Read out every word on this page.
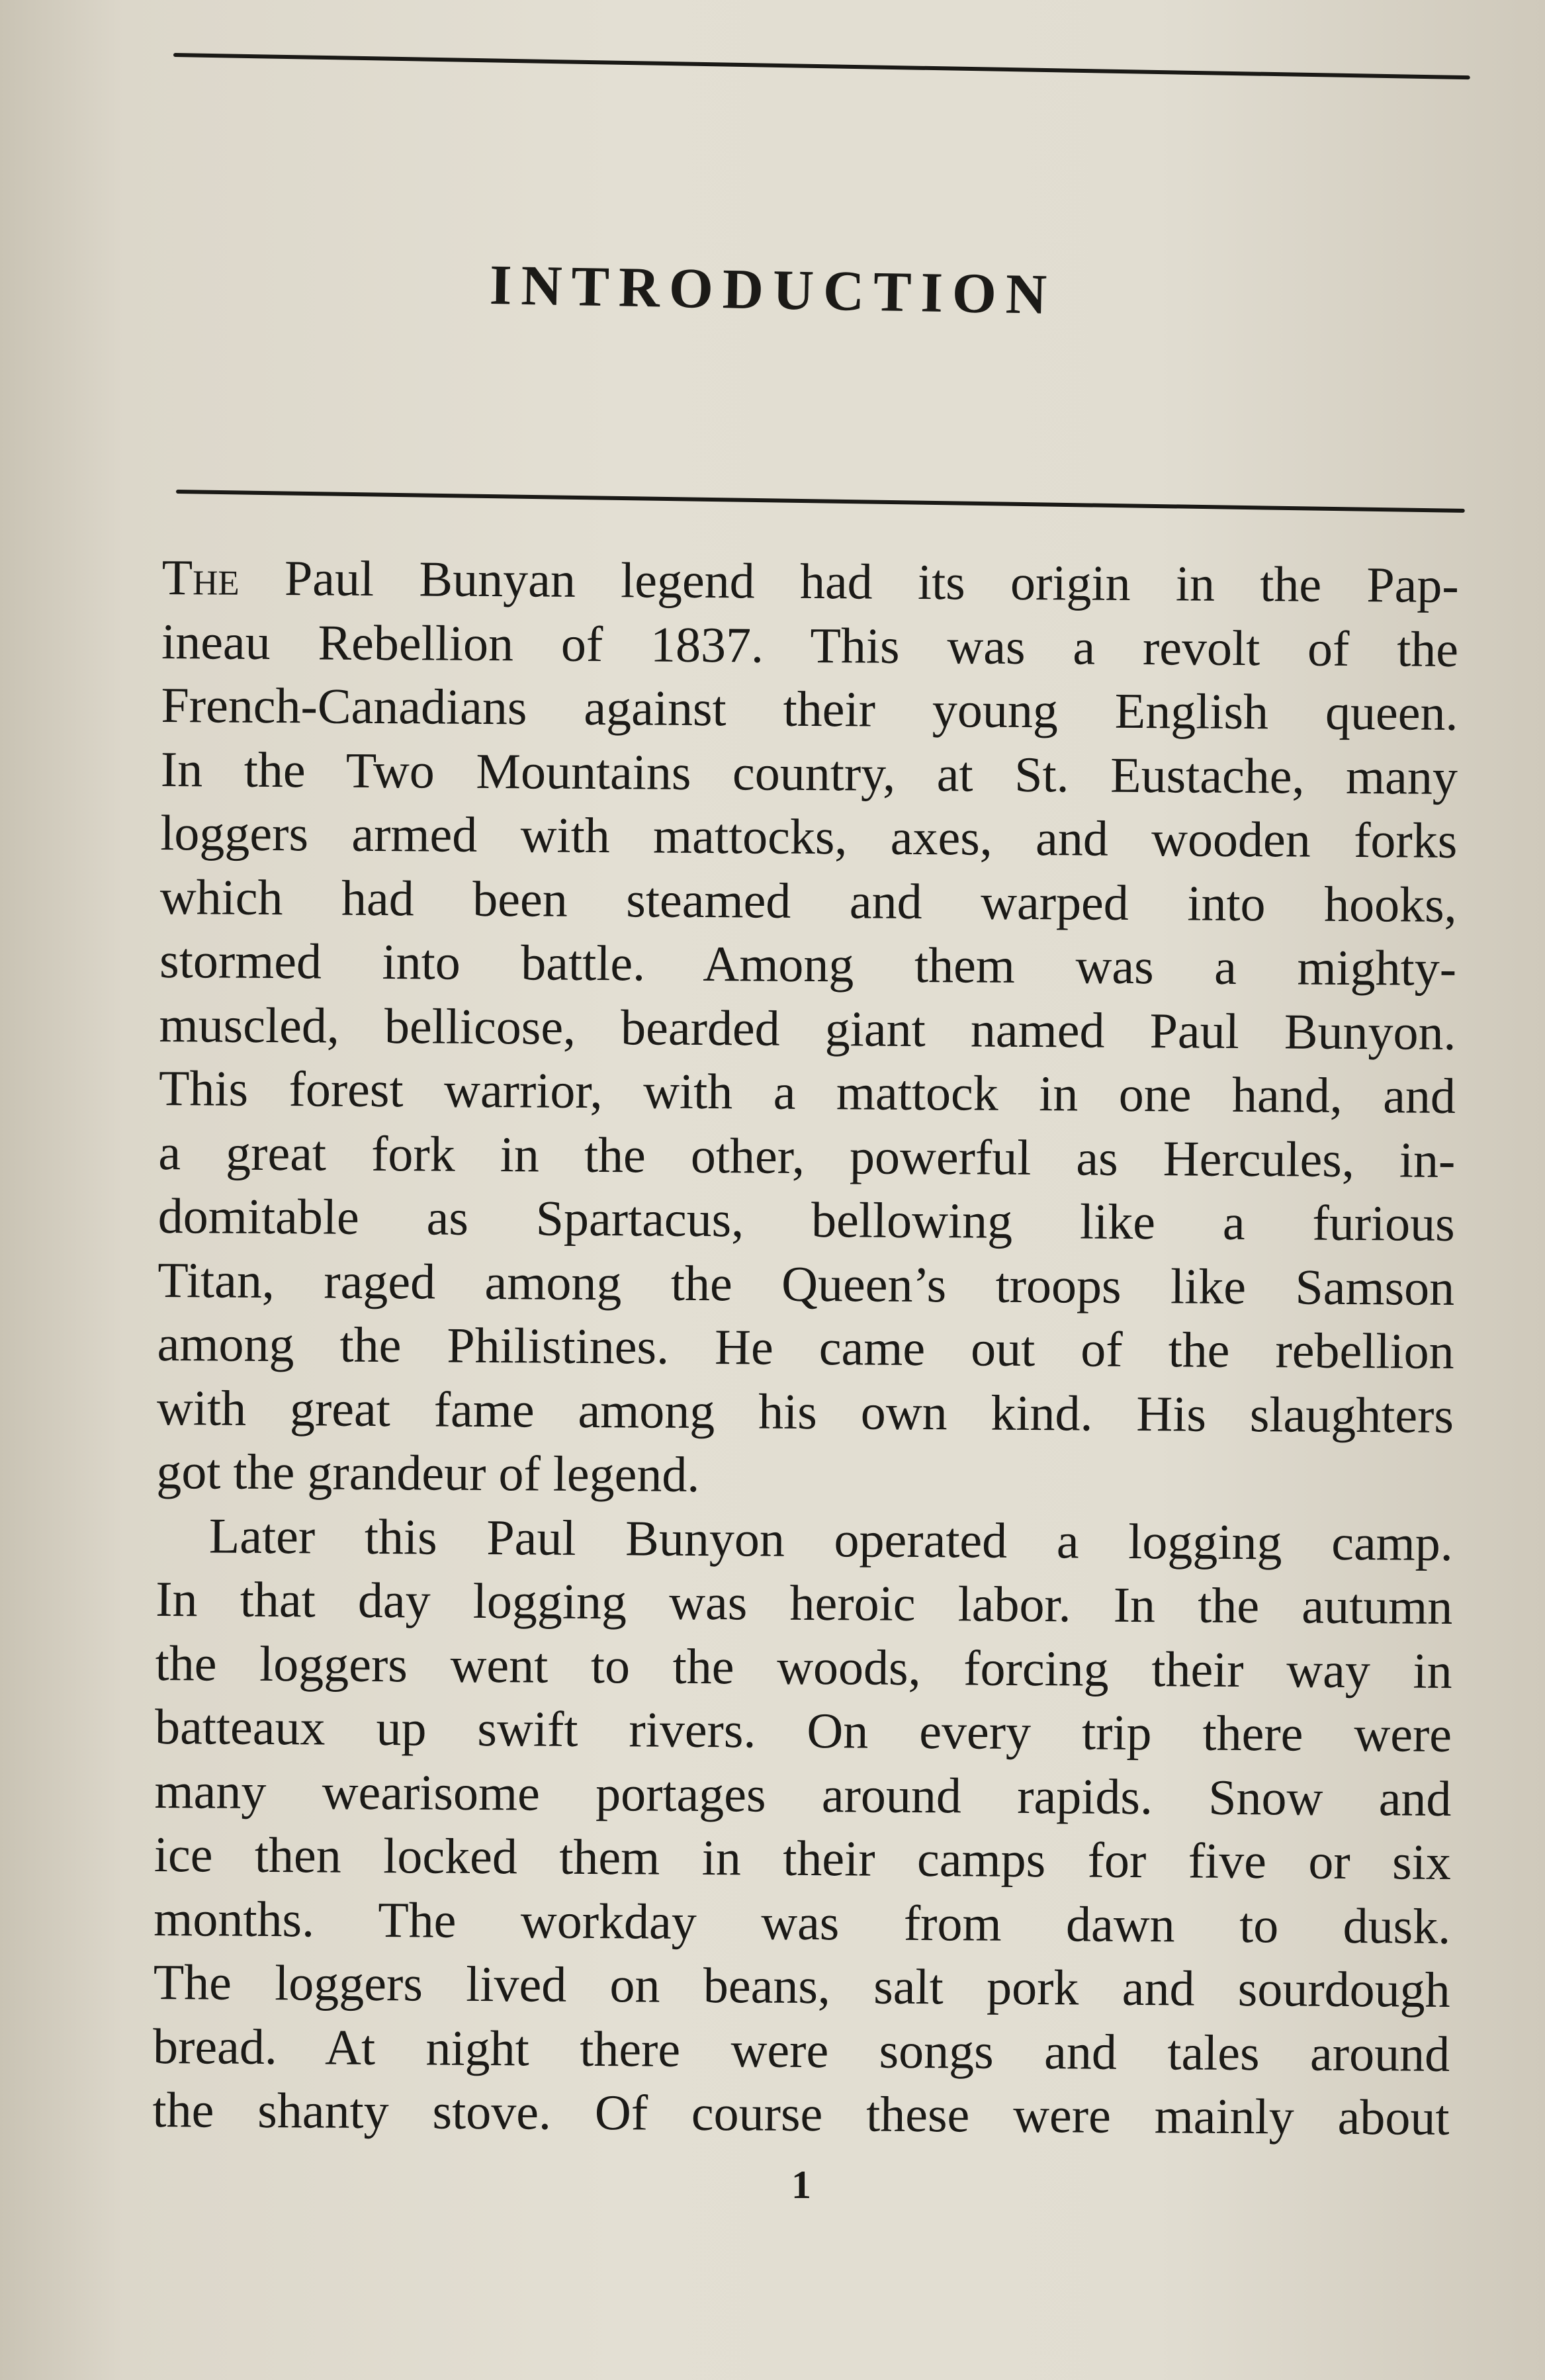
INTRODUCTION
The Paul Bunyan legend had its origin in the Pap-
ineau Rebellion of 1837. This was a revolt of the
French-Canadians against their young English queen.
In the Two Mountains country, at St. Eustache, many
loggers armed with mattocks, axes, and wooden forks
which had been steamed and warped into hooks,
stormed into battle. Among them was a mighty-
muscled, bellicose, bearded giant named Paul Bunyon.
This forest warrior, with a mattock in one hand, and
a great fork in the other, powerful as Hercules, in-
domitable as Spartacus, bellowing like a furious
Titan, raged among the Queen’s troops like Samson
among the Philistines. He came out of the rebellion
with great fame among his own kind. His slaughters
got the grandeur of legend.
Later this Paul Bunyon operated a logging camp.
In that day logging was heroic labor. In the autumn
the loggers went to the woods, forcing their way in
batteaux up swift rivers. On every trip there were
many wearisome portages around rapids. Snow and
ice then locked them in their camps for five or six
months. The workday was from dawn to dusk.
The loggers lived on beans, salt pork and sourdough
bread. At night there were songs and tales around
the shanty stove. Of course these were mainly about
1
